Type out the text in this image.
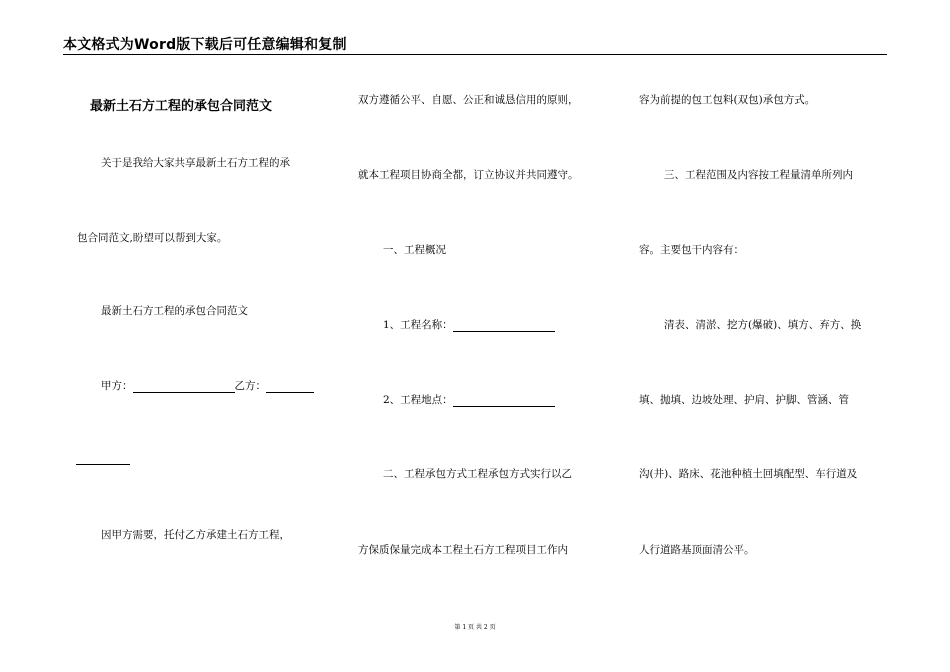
本文格式为Word版下载后可任意编辑和复制
最新土石方工程的承包合同范文
关于是我给大家共享最新土石方工程的承
包合同范文,盼望可以帮到大家。
最新土石方工程的承包合同范文
甲方：	乙方：
因甲方需要，托付乙方承建土石方工程，
双方遵循公平、自愿、公正和诚恳信用的原则，
就本工程项目协商全都，订立协议并共同遵守。
一、工程概况
1、工程名称：
2、工程地点：
二、工程承包方式工程承包方式实行以乙
方保质保量完成本工程土石方工程项目工作内
容为前提的包工包料(双包)承包方式。
三、工程范围及内容按工程量清单所列内
容。主要包干内容有：
清表、清淤、挖方(爆破)、填方、弃方、换
填、抛填、边坡处理、护肩、护脚、管涵、管
沟(井)、路床、花池种植土回填配型、车行道及
人行道路基顶面清公平。
第 1 页 共 2 页
